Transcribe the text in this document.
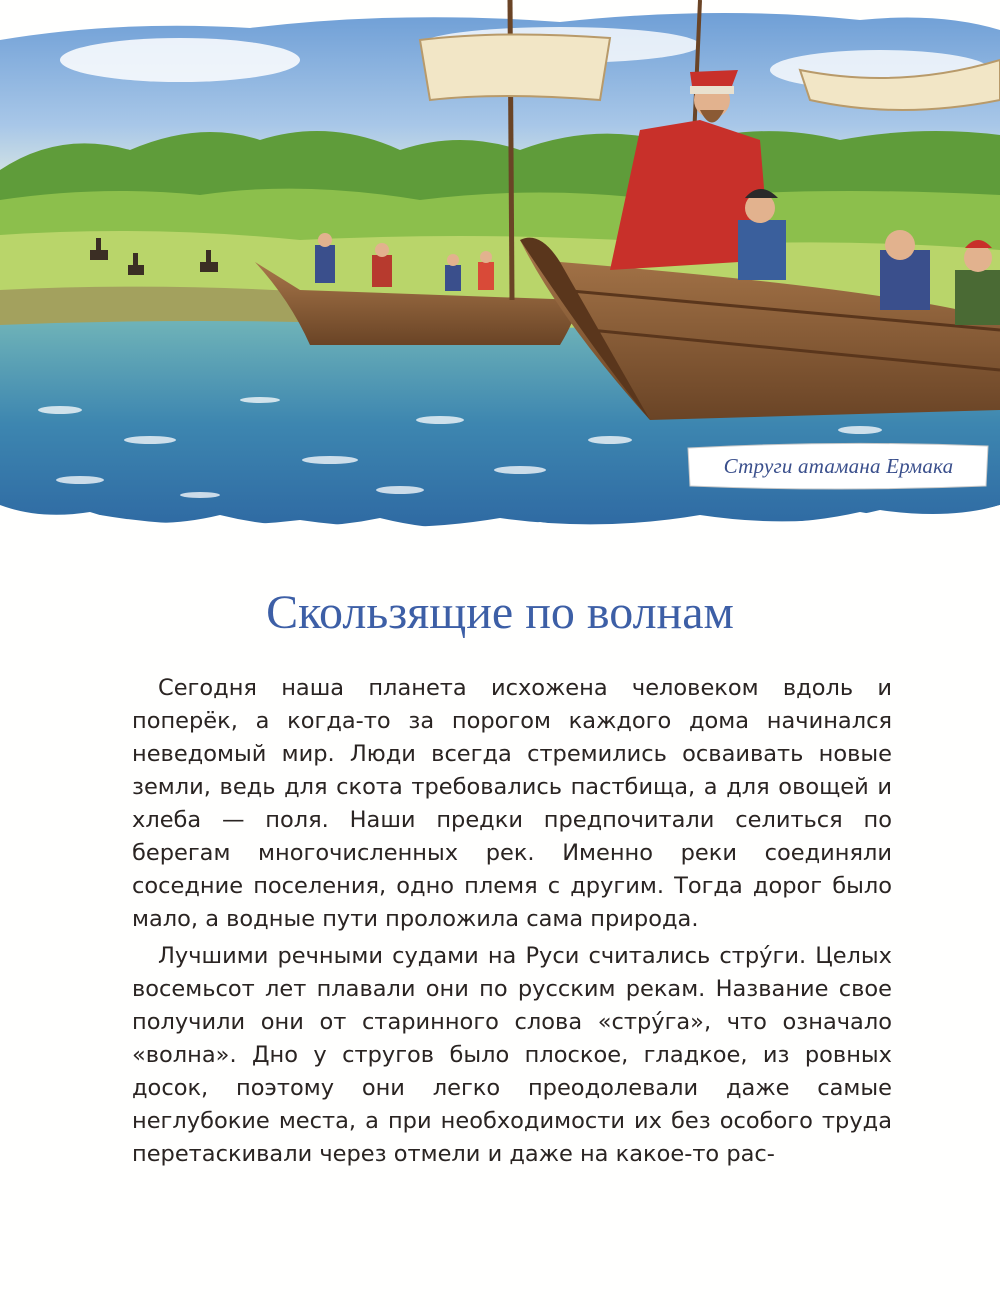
Струги атамана Ермака
Скользящие по волнам

Сегодня наша планета исхожена человеком вдоль и поперёк, а когда-то за порогом каждого дома начинался неведомый мир. Люди всегда стремились осваивать новые земли, ведь для скота требовались пастбища, а для овощей и хлеба — поля. Наши предки предпочитали селиться по берегам многочисленных рек. Именно реки соединяли соседние поселения, одно племя с другим. Тогда дорог было мало, а водные пути проложила сама природа.

Лучшими речными судами на Руси считались стру́ги. Целых восемьсот лет плавали они по русским рекам. Название свое получили они от старинного слова «стру́га», что означало «волна». Дно у стругов было плоское, гладкое, из ровных досок, поэтому они легко преодолевали даже самые неглубокие места, а при необходимости их без особого труда перетаскивали через отмели и даже на какое-то рас-
